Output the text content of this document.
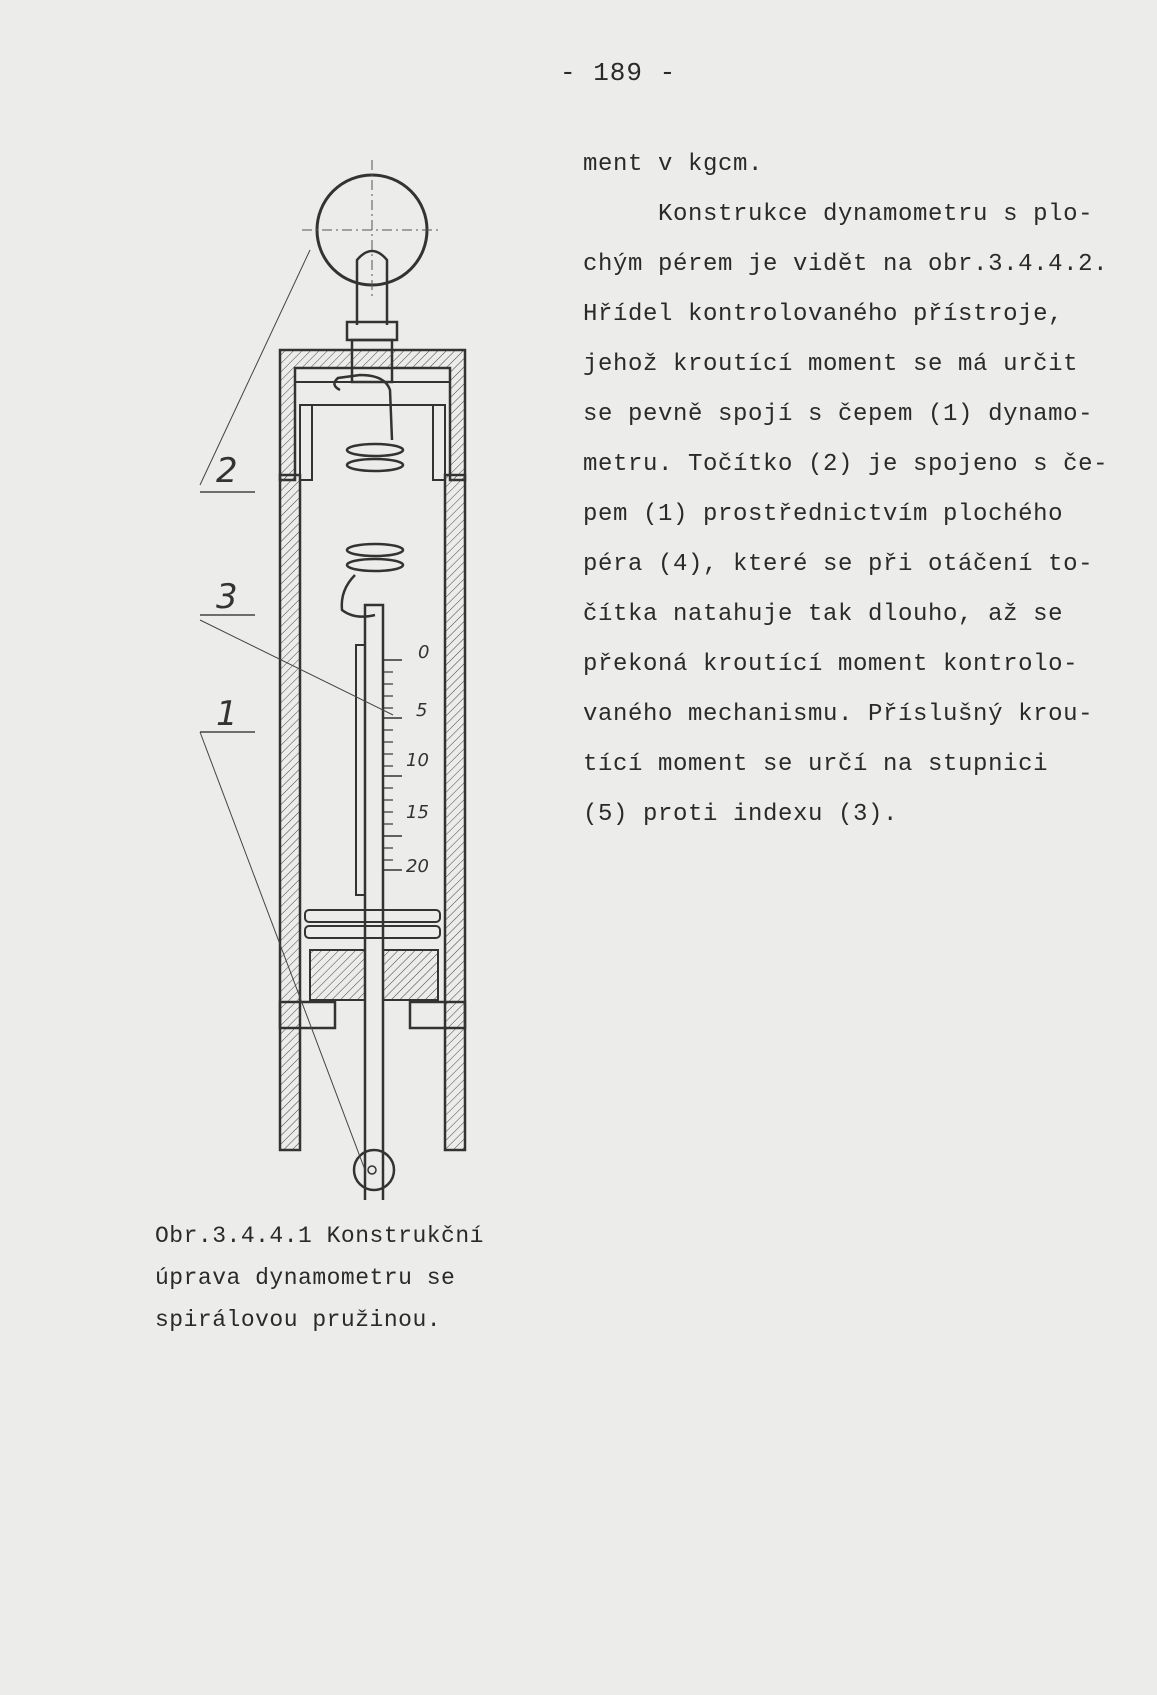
- 189 -
ment v kgcm.
Konstrukce dynamometru s plo-
chým pérem je vidět na obr.3.4.4.2.
Hřídel kontrolovaného přístroje,
jehož kroutící moment se má určit
se pevně spojí s čepem (1) dynamo-
metru. Točítko (2) je spojeno s če-
pem (1) prostřednictvím plochého
péra (4), které se při otáčení to-
čítka natahuje tak dlouho, až se
překoná kroutící moment kontrolo-
vaného mechanismu. Příslušný krou-
tící moment se určí na stupnici
(5) proti indexu (3).
0
5
10
15
20
2
3
1
Obr.3.4.4.1 Konstrukční
úprava dynamometru se
spirálovou pružinou.
